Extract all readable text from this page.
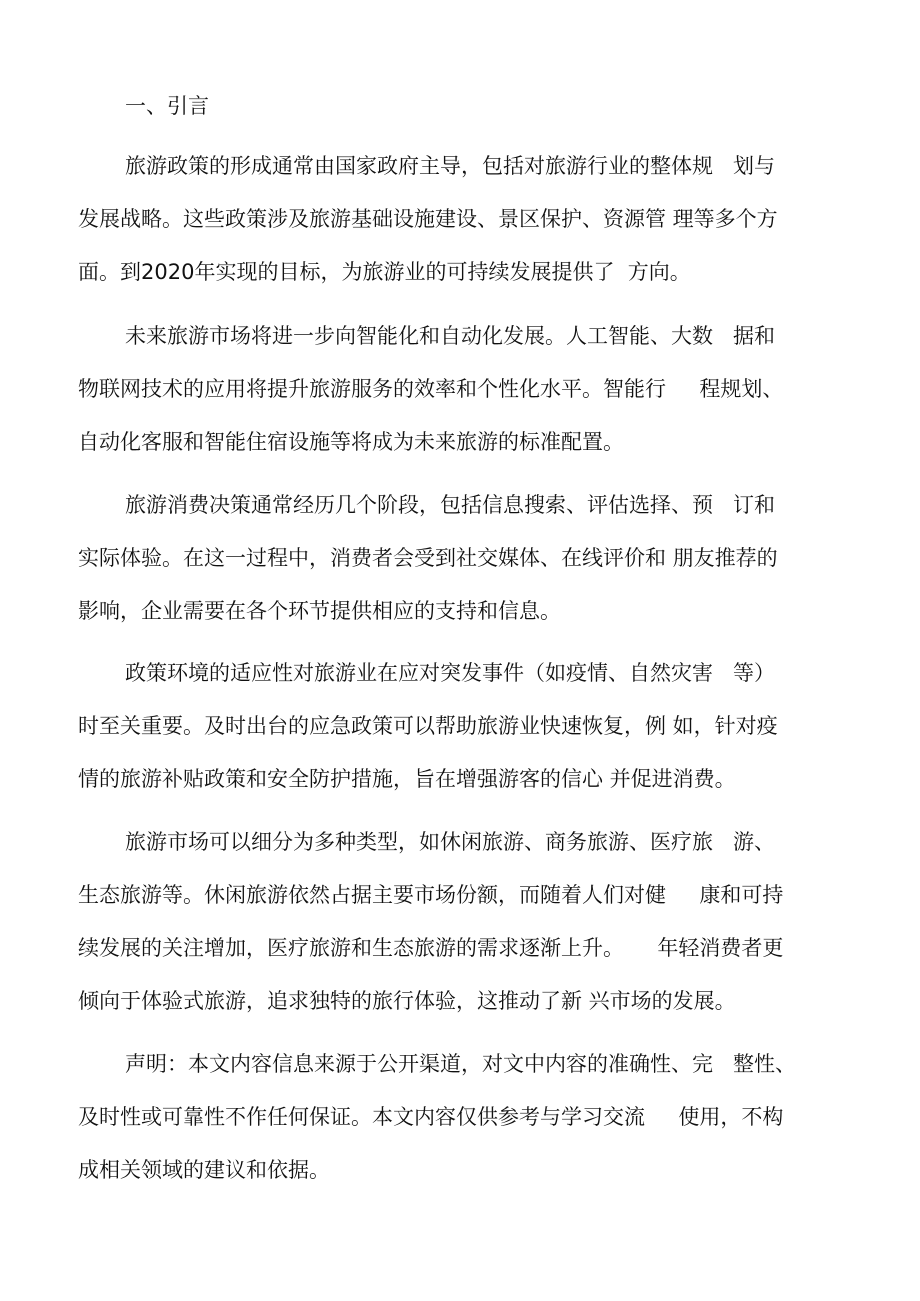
一、引言
旅游政策的形成通常由国家政府主导，包括对旅游行业的整体规   划与
发展战略。这些政策涉及旅游基础设施建设、景区保护、资源管 理等多个方
面。到2020年实现的目标，为旅游业的可持续发展提供了  方向。
未来旅游市场将进一步向智能化和自动化发展。人工智能、大数   据和
物联网技术的应用将提升旅游服务的效率和个性化水平。智能行     程规划、
自动化客服和智能住宿设施等将成为未来旅游的标准配置。
旅游消费决策通常经历几个阶段，包括信息搜索、评估选择、预   订和
实际体验。在这一过程中，消费者会受到社交媒体、在线评价和 朋友推荐的
影响，企业需要在各个环节提供相应的支持和信息。
政策环境的适应性对旅游业在应对突发事件（如疫情、自然灾害   等）
时至关重要。及时出台的应急政策可以帮助旅游业快速恢复，例 如，针对疫
情的旅游补贴政策和安全防护措施，旨在增强游客的信心 并促进消费。
旅游市场可以细分为多种类型，如休闲旅游、商务旅游、医疗旅   游、
生态旅游等。休闲旅游依然占据主要市场份额，而随着人们对健     康和可持
续发展的关注增加，医疗旅游和生态旅游的需求逐渐上升。     年轻消费者更
倾向于体验式旅游，追求独特的旅行体验，这推动了新 兴市场的发展。
声明：本文内容信息来源于公开渠道，对文中内容的准确性、完   整性、
及时性或可靠性不作任何保证。本文内容仅供参考与学习交流     使用，不构
成相关领域的建议和依据。
